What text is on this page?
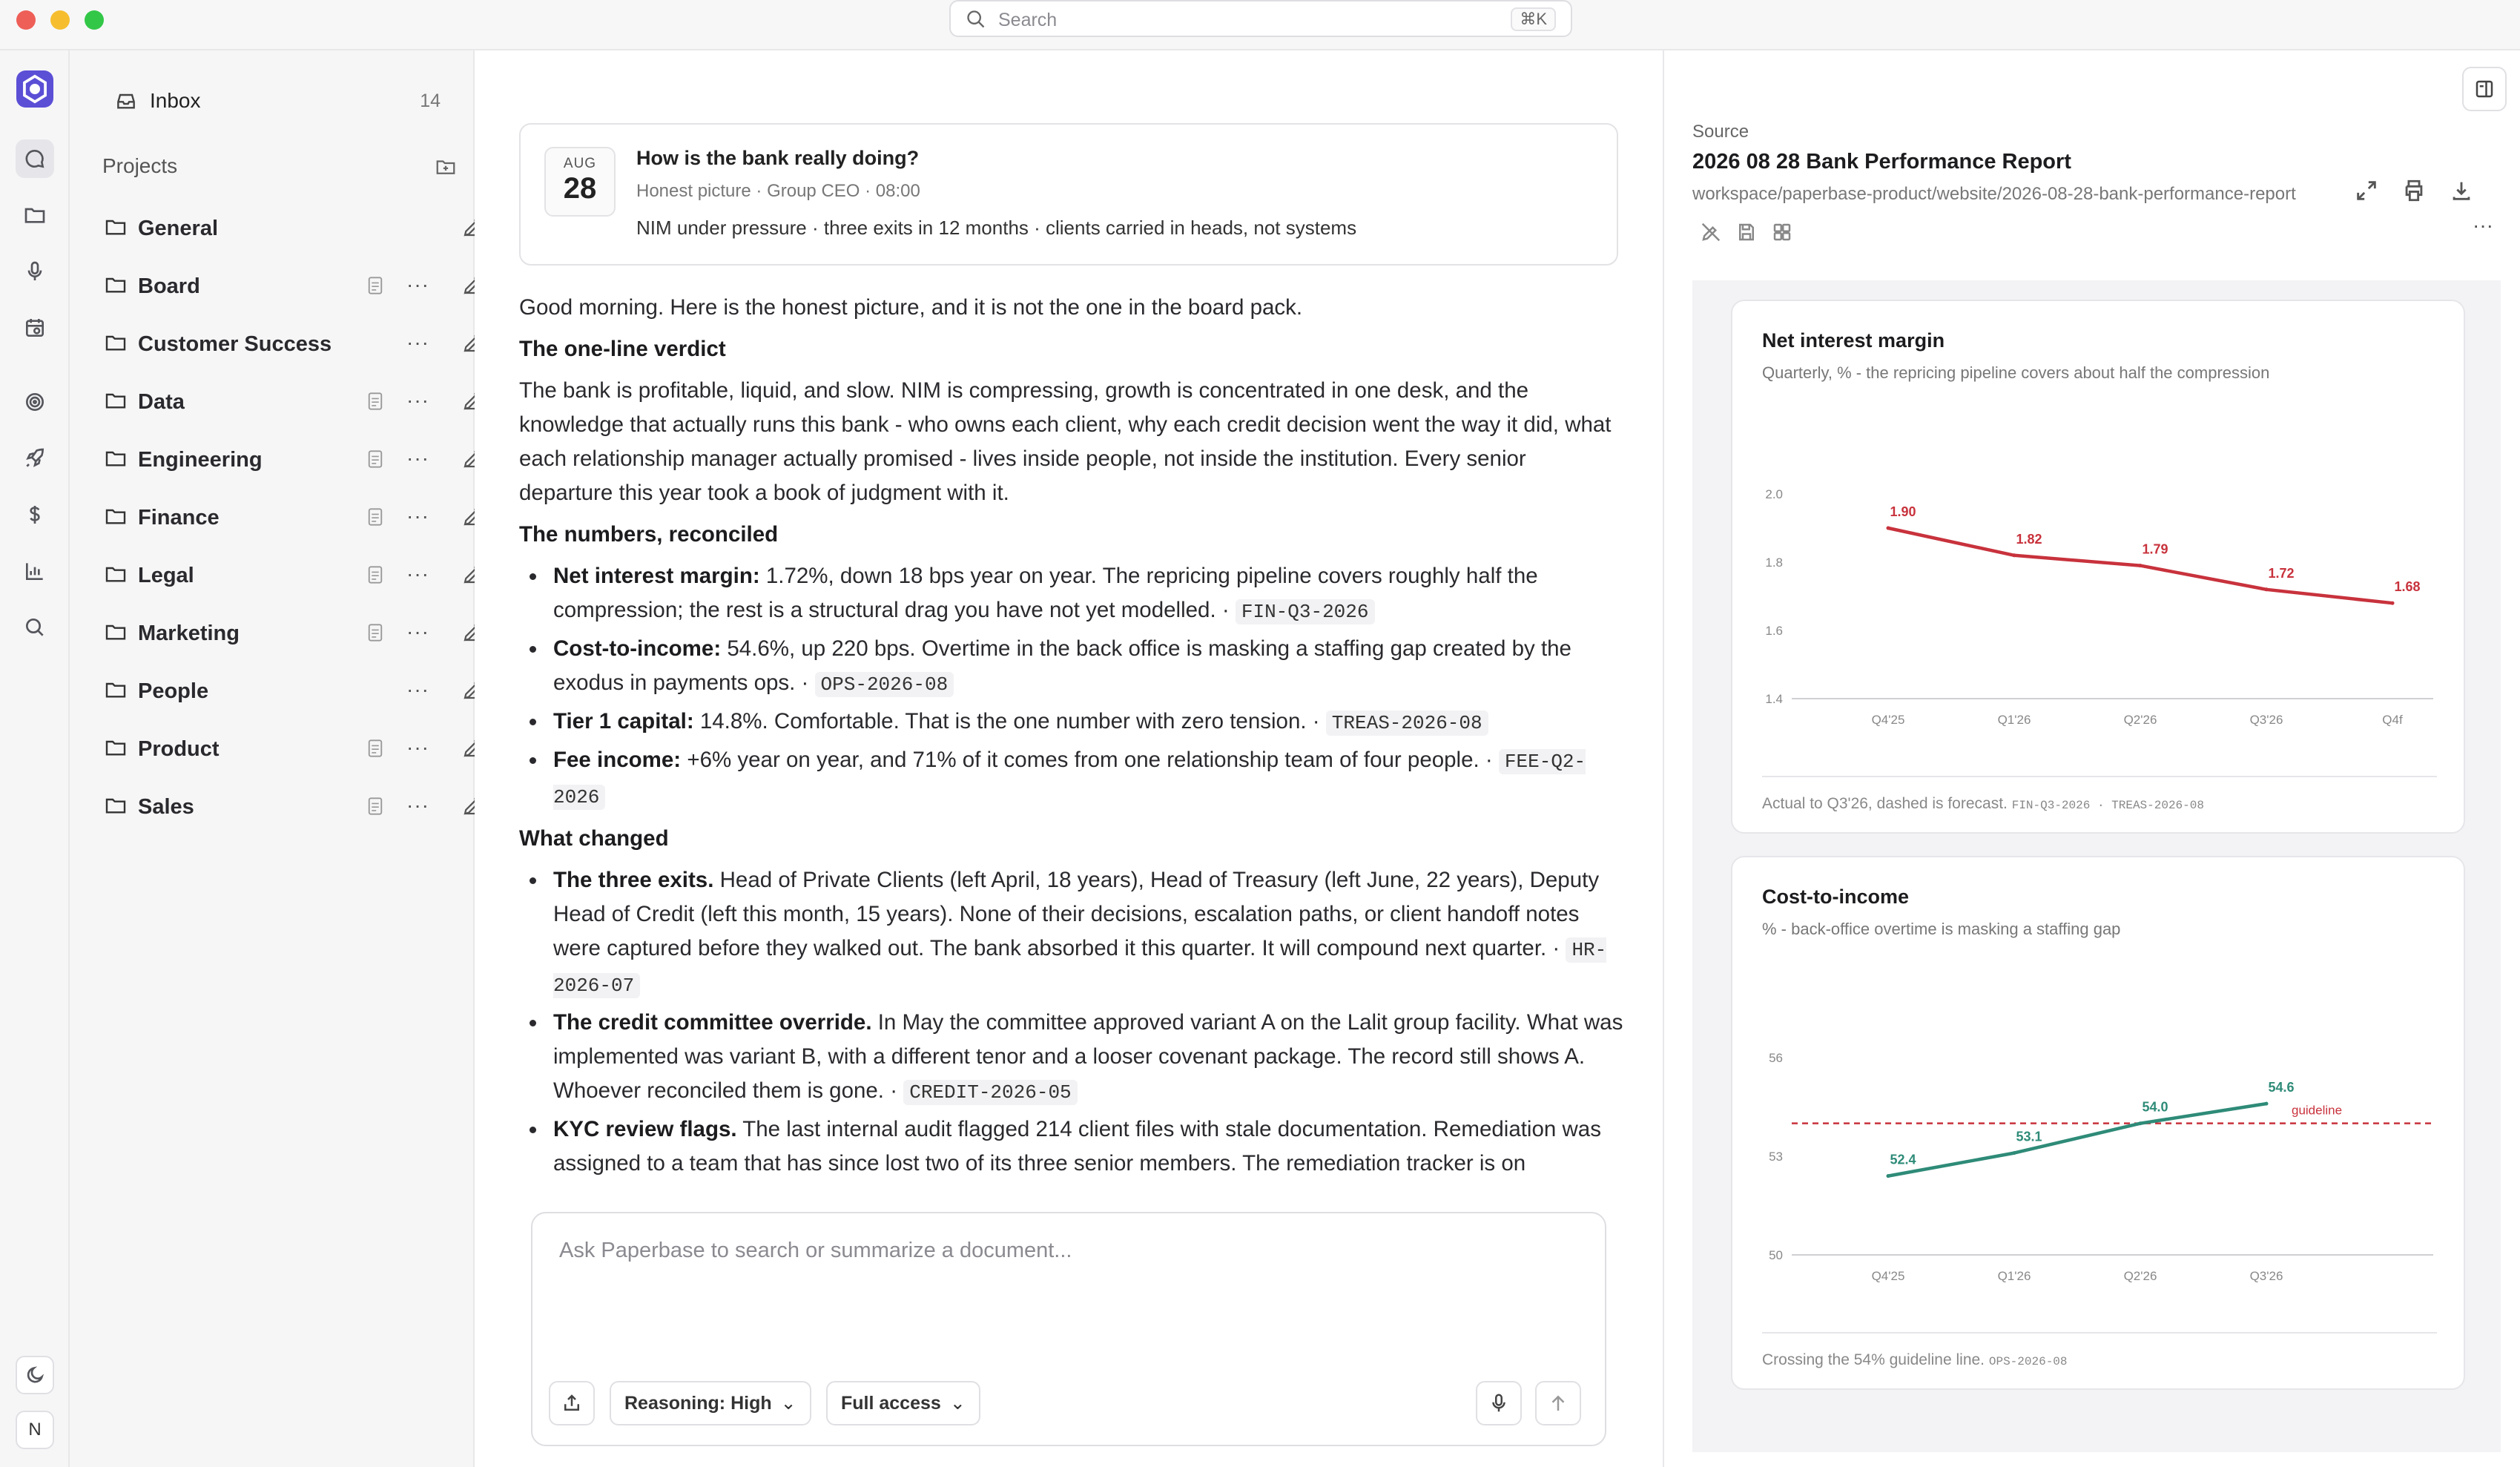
Search	⌘K
N
Inbox	14
Projects
General
Board	···
Customer Success	···
Data	···
Engineering	···
Finance	···
Legal	···
Marketing	···
People	···
Product	···
Sales	···
AUG
28
How is the bank really doing?
Honest picture · Group CEO · 08:00
NIM under pressure · three exits in 12 months · clients carried in heads, not systems

Good morning. Here is the honest picture, and it is not the one in the board pack.

The one-line verdict

The bank is profitable, liquid, and slow. NIM is compressing, growth is concentrated in one desk, and the knowledge that actually runs this bank - who owns each client, why each credit decision went the way it did, what each relationship manager actually promised - lives inside people, not inside the institution. Every senior departure this year took a book of judgment with it.

The numbers, reconciled
Net interest margin: 1.72%, down 18 bps year on year. The repricing pipeline covers roughly half the compression; the rest is a structural drag you have not yet modelled. · FIN-Q3-2026
Cost-to-income: 54.6%, up 220 bps. Overtime in the back office is masking a staffing gap created by the exodus in payments ops. · OPS-2026-08
Tier 1 capital: 14.8%. Comfortable. That is the one number with zero tension. · TREAS-2026-08
Fee income: +6% year on year, and 71% of it comes from one relationship team of four people. · FEE-Q2-2026
What changed
The three exits. Head of Private Clients (left April, 18 years), Head of Treasury (left June, 22 years), Deputy Head of Credit (left this month, 15 years). None of their decisions, escalation paths, or client handoff notes were captured before they walked out. The bank absorbed it this quarter. It will compound next quarter. · HR-2026-07
The credit committee override. In May the committee approved variant A on the Lalit group facility. What was implemented was variant B, with a different tenor and a looser covenant package. The record still shows A. Whoever reconciled them is gone. · CREDIT-2026-05
KYC review flags. The last internal audit flagged 214 client files with stale documentation. Remediation was assigned to a team that has since lost two of its three senior members. The remediation tracker is on
Ask Paperbase to search or summarize a document...
Reasoning: High ⌄	Full access ⌄
Source
2026 08 28 Bank Performance Report
workspace/paperbase-product/website/2026-08-28-bank-performance-report
···
Net interest margin
Quarterly, % - the repricing pipeline covers about half the compression
2.0
1.8
1.6
1.4
Q4'25	Q1'26	Q2'26	Q3'26	Q4f
1.90
1.82
1.79
1.72
1.68
Actual to Q3'26, dashed is forecast. FIN-Q3-2026 · TREAS-2026-08
Cost-to-income
% - back-office overtime is masking a staffing gap
56
53
50
Q4'25	Q1'26	Q2'26	Q3'26
guideline
52.4
53.1
54.0
54.6
Crossing the 54% guideline line. OPS-2026-08
